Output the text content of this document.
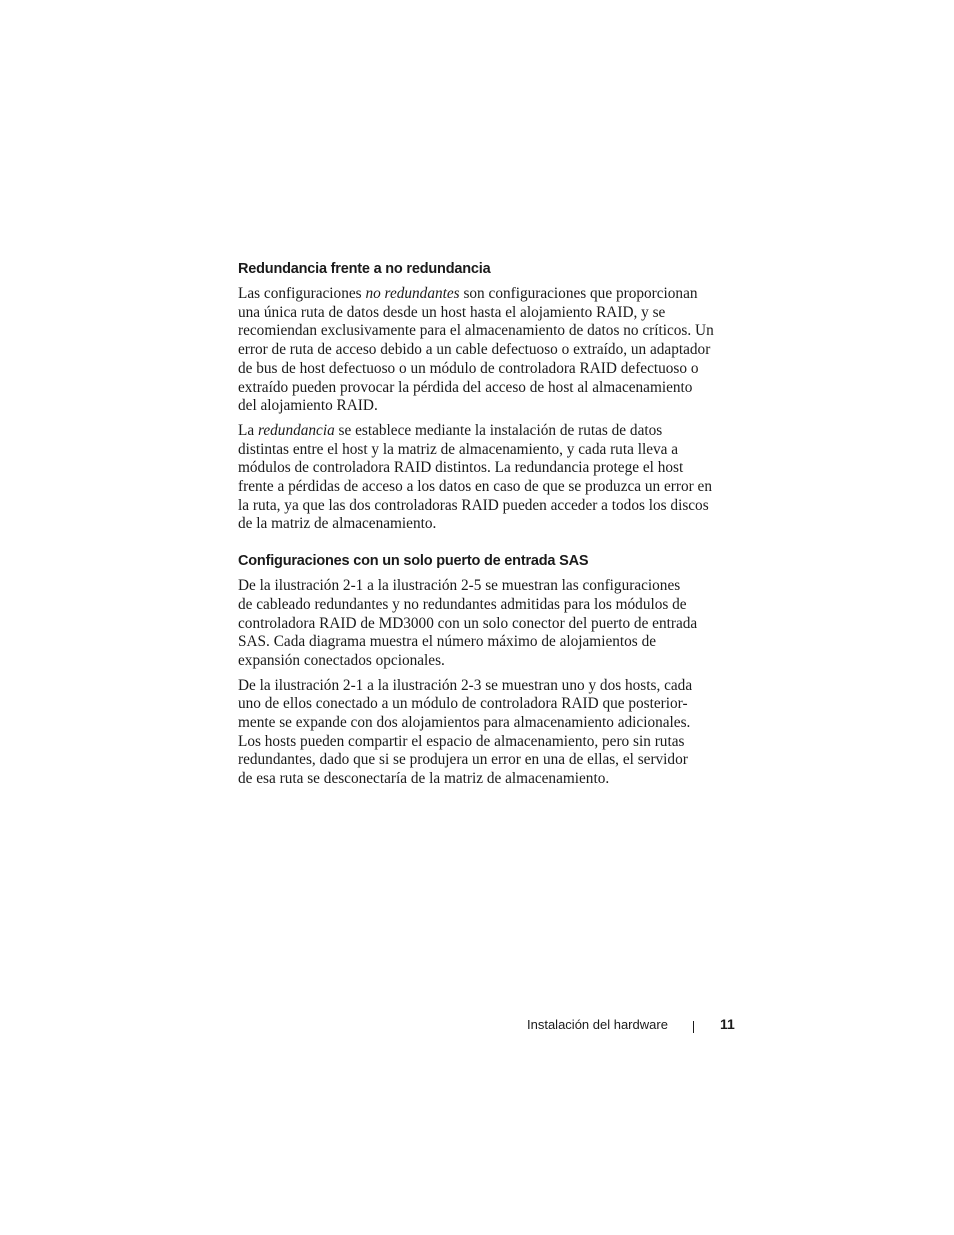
Redundancia frente a no redundancia

Las configuraciones no redundantes son configuraciones que proporcionan
una única ruta de datos desde un host hasta el alojamiento RAID, y se
recomiendan exclusivamente para el almacenamiento de datos no críticos. Un
error de ruta de acceso debido a un cable defectuoso o extraído, un adaptador
de bus de host defectuoso o un módulo de controladora RAID defectuoso o
extraído pueden provocar la pérdida del acceso de host al almacenamiento
del alojamiento RAID.

La redundancia se establece mediante la instalación de rutas de datos
distintas entre el host y la matriz de almacenamiento, y cada ruta lleva a
módulos de controladora RAID distintos. La redundancia protege el host
frente a pérdidas de acceso a los datos en caso de que se produzca un error en
la ruta, ya que las dos controladoras RAID pueden acceder a todos los discos
de la matriz de almacenamiento.

Configuraciones con un solo puerto de entrada SAS

De la ilustración 2-1 a la ilustración 2-5 se muestran las configuraciones
de cableado redundantes y no redundantes admitidas para los módulos de
controladora RAID de MD3000 con un solo conector del puerto de entrada
SAS. Cada diagrama muestra el número máximo de alojamientos de
expansión conectados opcionales.

De la ilustración 2-1 a la ilustración 2-3 se muestran uno y dos hosts, cada
uno de ellos conectado a un módulo de controladora RAID que posterior-
mente se expande con dos alojamientos para almacenamiento adicionales.
Los hosts pueden compartir el espacio de almacenamiento, pero sin rutas
redundantes, dado que si se produjera un error en una de ellas, el servidor
de esa ruta se desconectaría de la matriz de almacenamiento.

Instalación del hardware	11
